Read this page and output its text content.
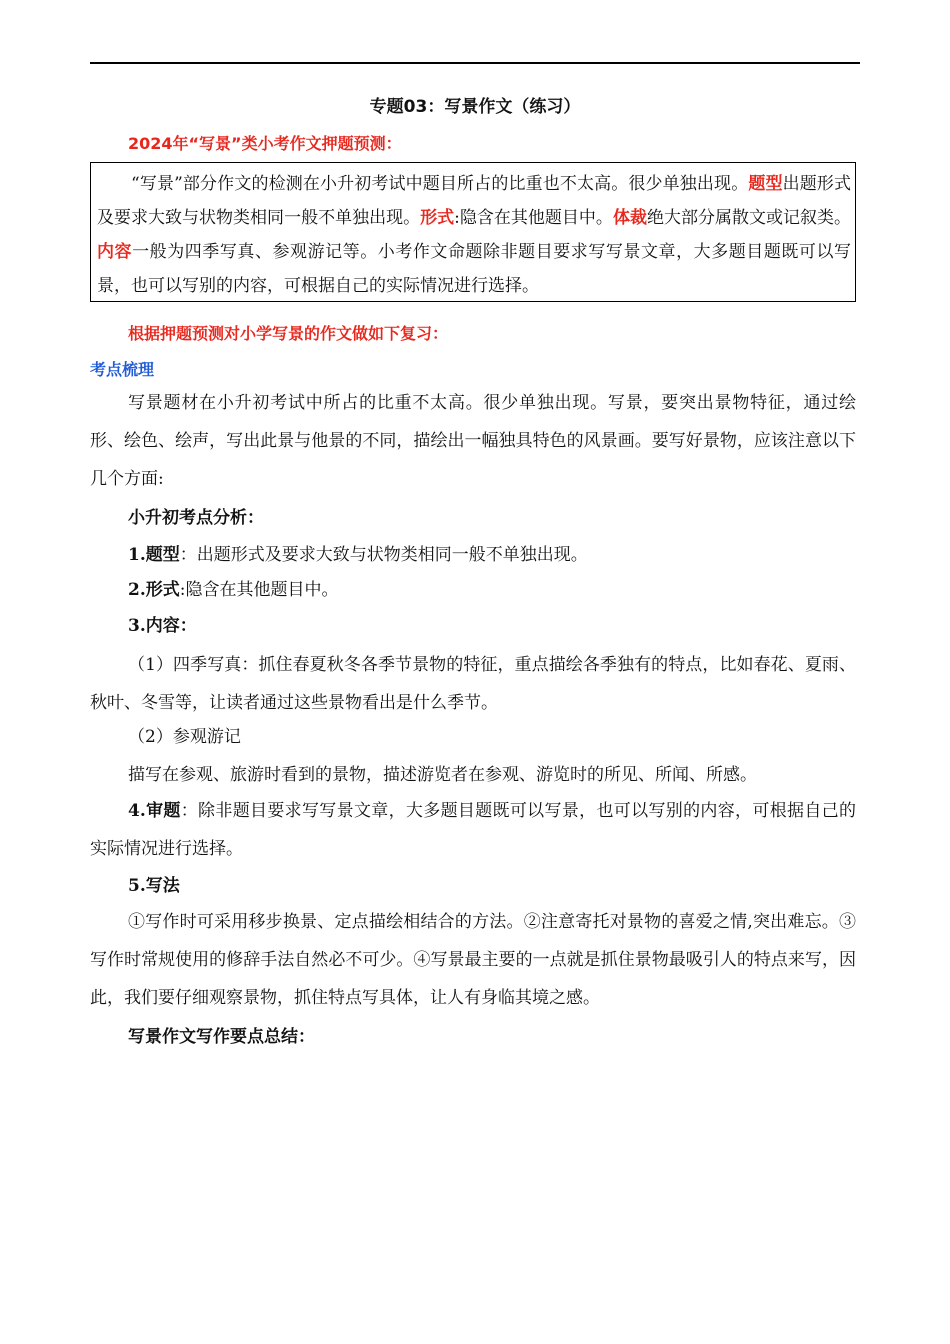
专题03：写景作文（练习）
2024年“写景”类小考作文押题预测：

“写景”部分作文的检测在小升初考试中题目所占的比重也不太高。很少单独出现。题型出题形式及要求大致与状物类相同一般不单独出现。形式:隐含在其他题目中。体裁绝大部分属散文或记叙类。内容一般为四季写真、参观游记等。小考作文命题除非题目要求写写景文章，大多题目题既可以写景，也可以写别的内容，可根据自己的实际情况进行选择。

根据押题预测对小学写景的作文做如下复习：
考点梳理

写景题材在小升初考试中所占的比重不太高。很少单独出现。写景，要突出景物特征，通过绘形、绘色、绘声，写出此景与他景的不同，描绘出一幅独具特色的风景画。要写好景物，应该注意以下几个方面:

小升初考点分析：
1.题型：出题形式及要求大致与状物类相同一般不单独出现。
2.形式:隐含在其他题目中。
3.内容：

（1）四季写真：抓住春夏秋冬各季节景物的特征，重点描绘各季独有的特点，比如春花、夏雨、秋叶、冬雪等，让读者通过这些景物看出是什么季节。

（2）参观游记
描写在参观、旅游时看到的景物，描述游览者在参观、游览时的所见、所闻、所感。

4.审题：除非题目要求写写景文章，大多题目题既可以写景，也可以写别的内容，可根据自己的实际情况进行选择。

5.写法

①写作时可采用移步换景、定点描绘相结合的方法。②注意寄托对景物的喜爱之情,突出难忘。③写作时常规使用的修辞手法自然必不可少。④写景最主要的一点就是抓住景物最吸引人的特点来写，因此，我们要仔细观察景物，抓住特点写具体，让人有身临其境之感。

写景作文写作要点总结：
